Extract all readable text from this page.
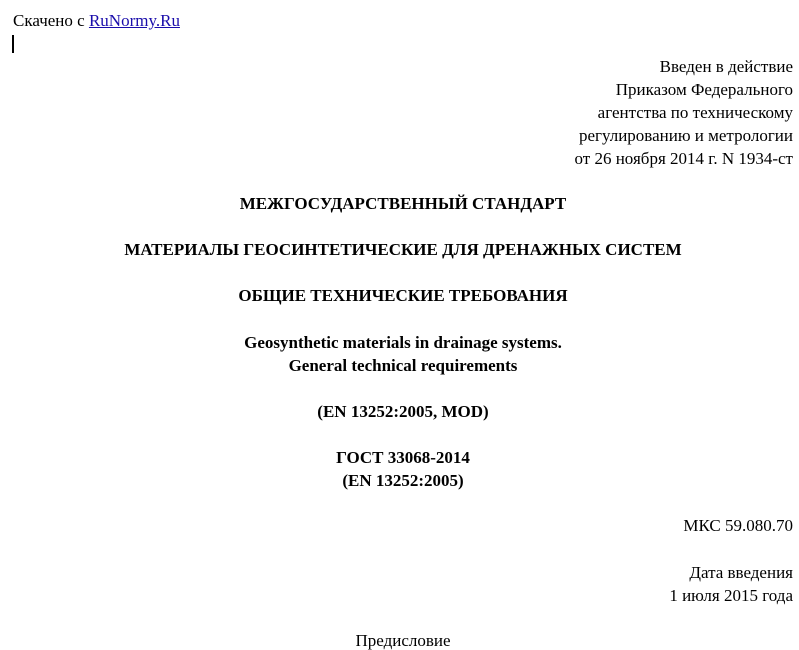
Скачено с RuNormy.Ru
Введен в действие
Приказом Федерального
агентства по техническому
регулированию и метрологии
от 26 ноября 2014 г. N 1934-ст
МЕЖГОСУДАРСТВЕННЫЙ СТАНДАРТ
МАТЕРИАЛЫ ГЕОСИНТЕТИЧЕСКИЕ ДЛЯ ДРЕНАЖНЫХ СИСТЕМ
ОБЩИЕ ТЕХНИЧЕСКИЕ ТРЕБОВАНИЯ
Geosynthetic materials in drainage systems.
General technical requirements
(EN 13252:2005, MOD)
ГОСТ 33068-2014
(EN 13252:2005)
МКС 59.080.70
Дата введения
1 июля 2015 года
Предисловие
